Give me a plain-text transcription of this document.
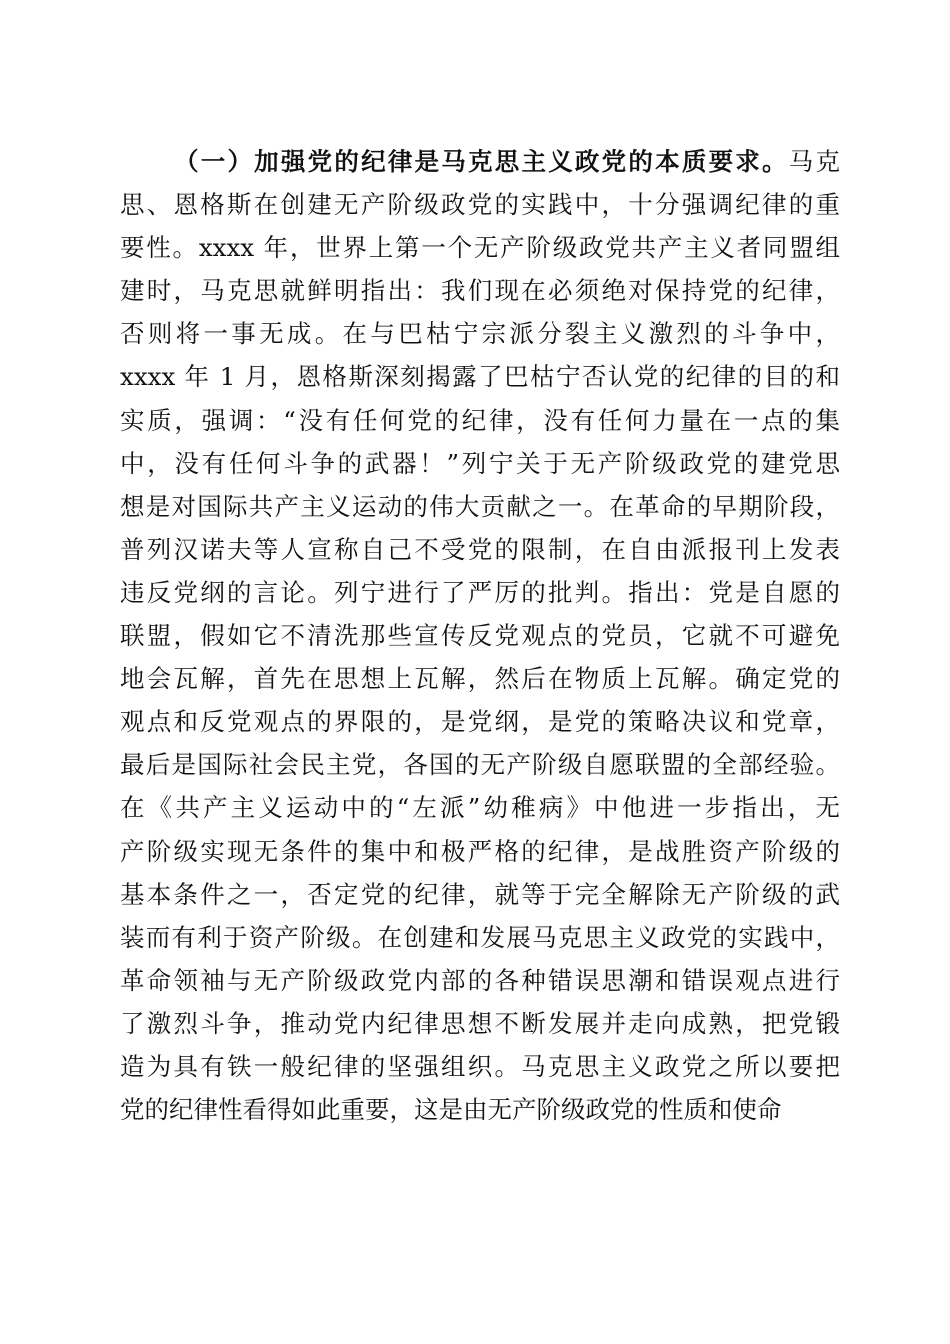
（一）加强党的纪律是马克思主义政党的本质要求。马克
思、恩格斯在创建无产阶级政党的实践中，十分强调纪律的重
要性。xxxx 年，世界上第一个无产阶级政党共产主义者同盟组
建时，马克思就鲜明指出：我们现在必须绝对保持党的纪律，
否则将一事无成。在与巴枯宁宗派分裂主义激烈的斗争中，
xxxx 年 1 月，恩格斯深刻揭露了巴枯宁否认党的纪律的目的和
实质，强调：“没有任何党的纪律，没有任何力量在一点的集
中，没有任何斗争的武器！”列宁关于无产阶级政党的建党思
想是对国际共产主义运动的伟大贡献之一。在革命的早期阶段，
普列汉诺夫等人宣称自己不受党的限制，在自由派报刊上发表
违反党纲的言论。列宁进行了严厉的批判。指出：党是自愿的
联盟，假如它不清洗那些宣传反党观点的党员，它就不可避免
地会瓦解，首先在思想上瓦解，然后在物质上瓦解。确定党的
观点和反党观点的界限的，是党纲，是党的策略决议和党章，
最后是国际社会民主党，各国的无产阶级自愿联盟的全部经验。
在《共产主义运动中的“左派”幼稚病》中他进一步指出，无
产阶级实现无条件的集中和极严格的纪律，是战胜资产阶级的
基本条件之一，否定党的纪律，就等于完全解除无产阶级的武
装而有利于资产阶级。在创建和发展马克思主义政党的实践中，
革命领袖与无产阶级政党内部的各种错误思潮和错误观点进行
了激烈斗争，推动党内纪律思想不断发展并走向成熟，把党锻
造为具有铁一般纪律的坚强组织。马克思主义政党之所以要把
党的纪律性看得如此重要，这是由无产阶级政党的性质和使命
